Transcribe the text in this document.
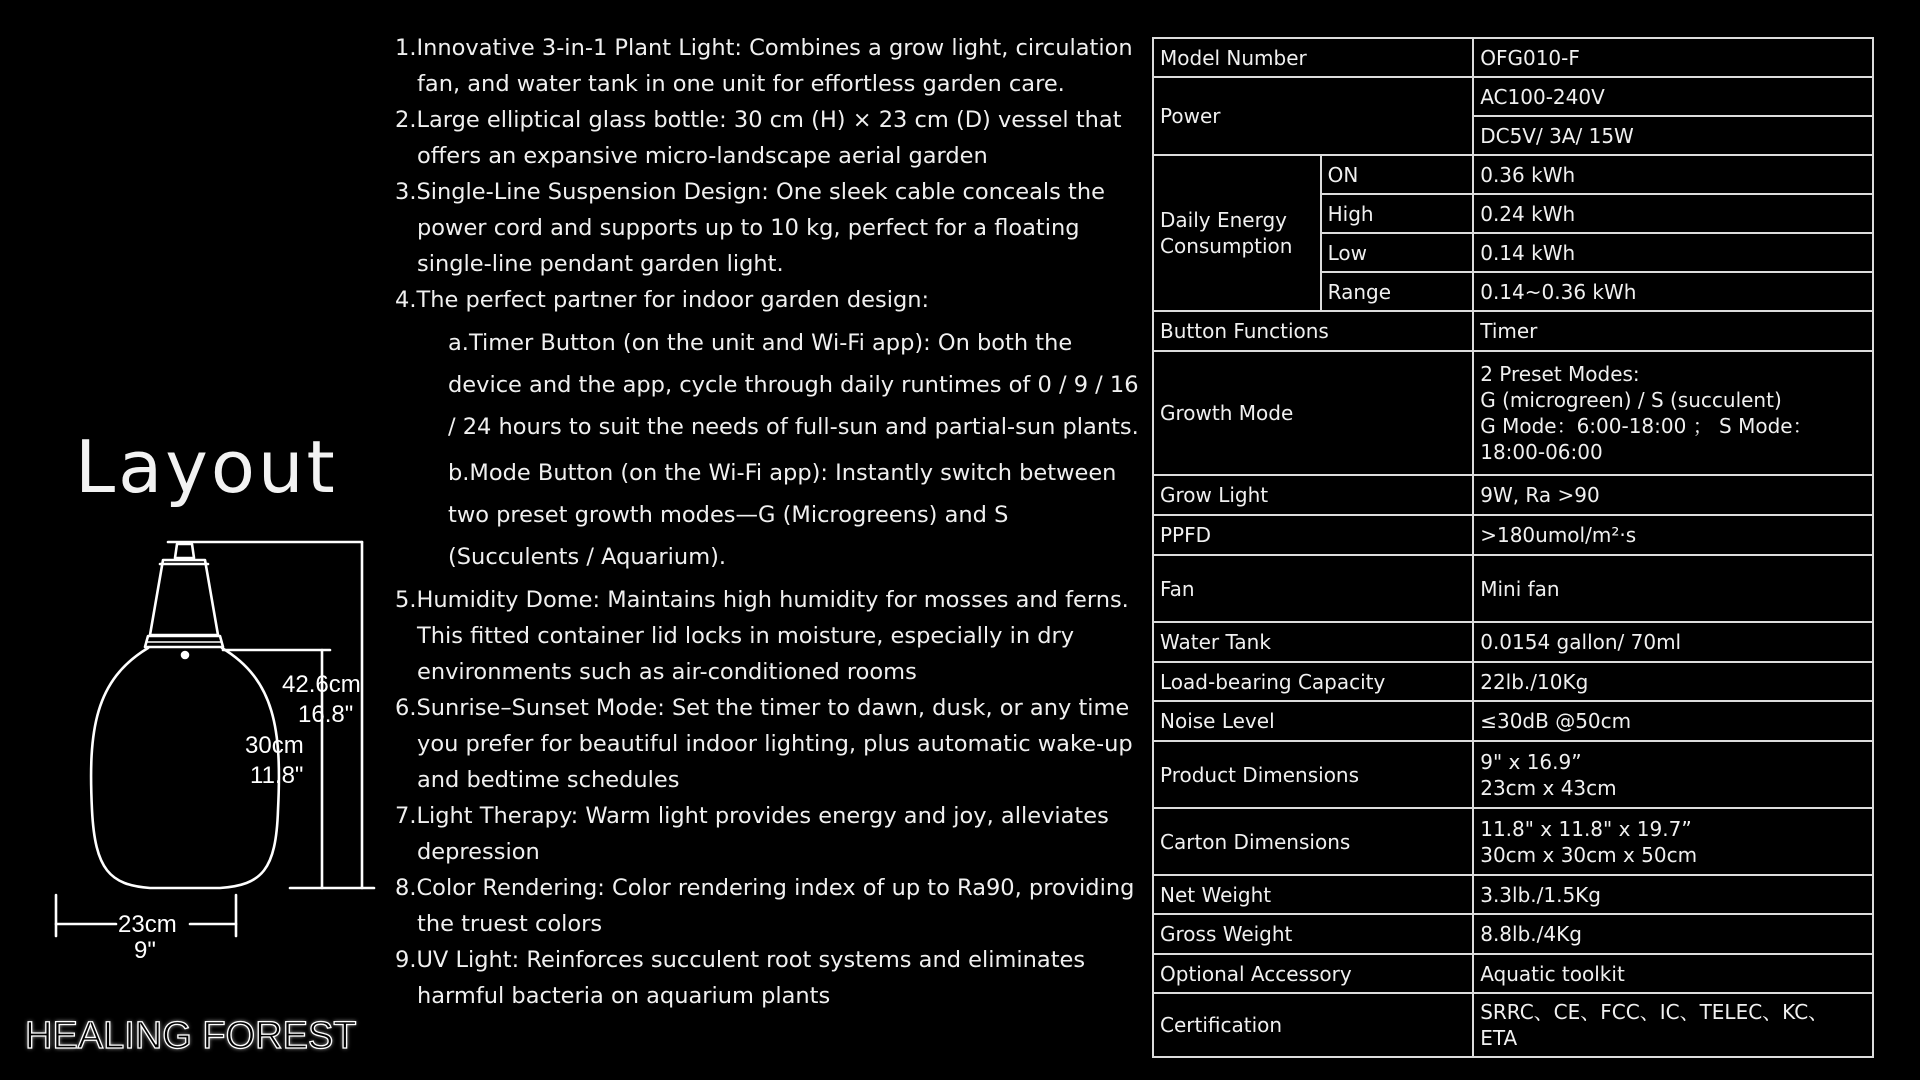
Layout
42.6cm
16.8"
30cm
11.8"
23cm
9"

HEALING FOREST

1.Innovative 3-in-1 Plant Light: Combines a grow light, circulation fan, and water tank in one unit for effortless garden care.

2.Large elliptical glass bottle: 30 cm (H) × 23 cm (D) vessel that offers an expansive micro-landscape aerial garden

3.Single-Line Suspension Design: One sleek cable conceals the power cord and supports up to 10 kg, perfect for a floating single-line pendant garden light.

4.The perfect partner for indoor garden design:

a.Timer Button (on the unit and Wi-Fi app): On both the device and the app, cycle through daily runtimes of 0 / 9 / 16 / 24 hours to suit the needs of full-sun and partial-sun plants.

b.Mode Button (on the Wi-Fi app): Instantly switch between two preset growth modes—G (Microgreens) and S (Succulents / Aquarium).

5.Humidity Dome: Maintains high humidity for mosses and ferns. This fitted container lid locks in moisture, especially in dry environments such as air-conditioned rooms

6.Sunrise–Sunset Mode: Set the timer to dawn, dusk, or any time you prefer for beautiful indoor lighting, plus automatic wake-up and bedtime schedules

7.Light Therapy: Warm light provides energy and joy, alleviates depression

8.Color Rendering: Color rendering index of up to Ra90, providing the truest colors

9.UV Light: Reinforces succulent root systems and eliminates harmful bacteria on aquarium plants

Model Number		OFG010-F
Power		AC100-240V
		DC5V/ 3A/ 15W
Daily Energy Consumption	ON	0.36 kWh
	High	0.24 kWh
	Low	0.14 kWh
	Range	0.14~0.36 kWh
Button Functions		Timer
Growth Mode		2 Preset Modes:
G (microgreen) / S (succulent)
G Mode：6:00-18:00 ； S Mode：
18:00-06:00

Grow Light		9W, Ra >90
PPFD		>180umol/m²·s
Fan		Mini fan
Water Tank		0.0154 gallon/ 70ml
Load-bearing Capacity		22lb./10Kg
Noise Level		≤30dB @50cm
Product Dimensions		9" x 16.9”
23cm x 43cm

Carton Dimensions		11.8" x 11.8" x 19.7”
30cm x 30cm x 50cm

Net Weight		3.3lb./1.5Kg
Gross Weight		8.8lb./4Kg
Optional Accessory		Aquatic toolkit
Certification		SRRC、CE、FCC、IC、TELEC、KC、
ETA
